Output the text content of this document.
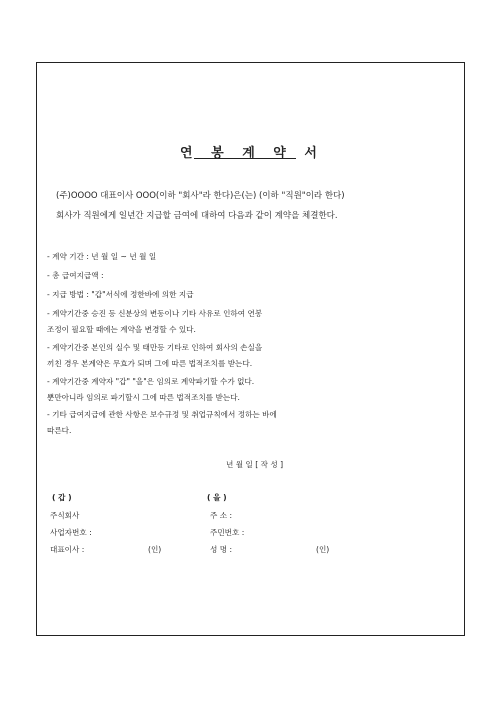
연 봉 계 약 서
(주)OOOO 대표이사 OOO(이하 "회사"라 한다)은(는) (이하 "직원"이라 한다)
회사가 직원에게 일년간 지급할 금여에 대하여 다음과 같이 계약을 체결한다.
- 계약 기간 : 년 월 일 ~ 년 월 일
- 총 급여지급액 :
- 지급 방법 : "갑"서식에 정한바에 의한 지급
- 계약기간중 승진 등 신분상의 변동이나 기타 사유로 인하여 연봉
조정이 필요할 때에는 계약을 변경할 수 있다.
- 계약기간중 본인의 실수 및 태만등 기타로 인하여 회사의 손실을
끼친 경우 본계약은 무효가 되며 그에 따른 법적조치를 받는다.
- 계약기간중 계약자 "갑" "을"은 임의로 계약파기할 수가 없다.
뿐만아니라 임의로 파기할시 그에 따른 법적조치를 받는다.
- 기타 급여지급에 관한 사항은 보수규정 및 취업규칙에서 정하는 바에
따른다.
년 월 일 [ 작 성 ]
( 갑 )
주식회사
사업자번호 :
대표이사 :	(인)
( 을 )
주 소 :
주민번호 :
성 명 :	(인)
